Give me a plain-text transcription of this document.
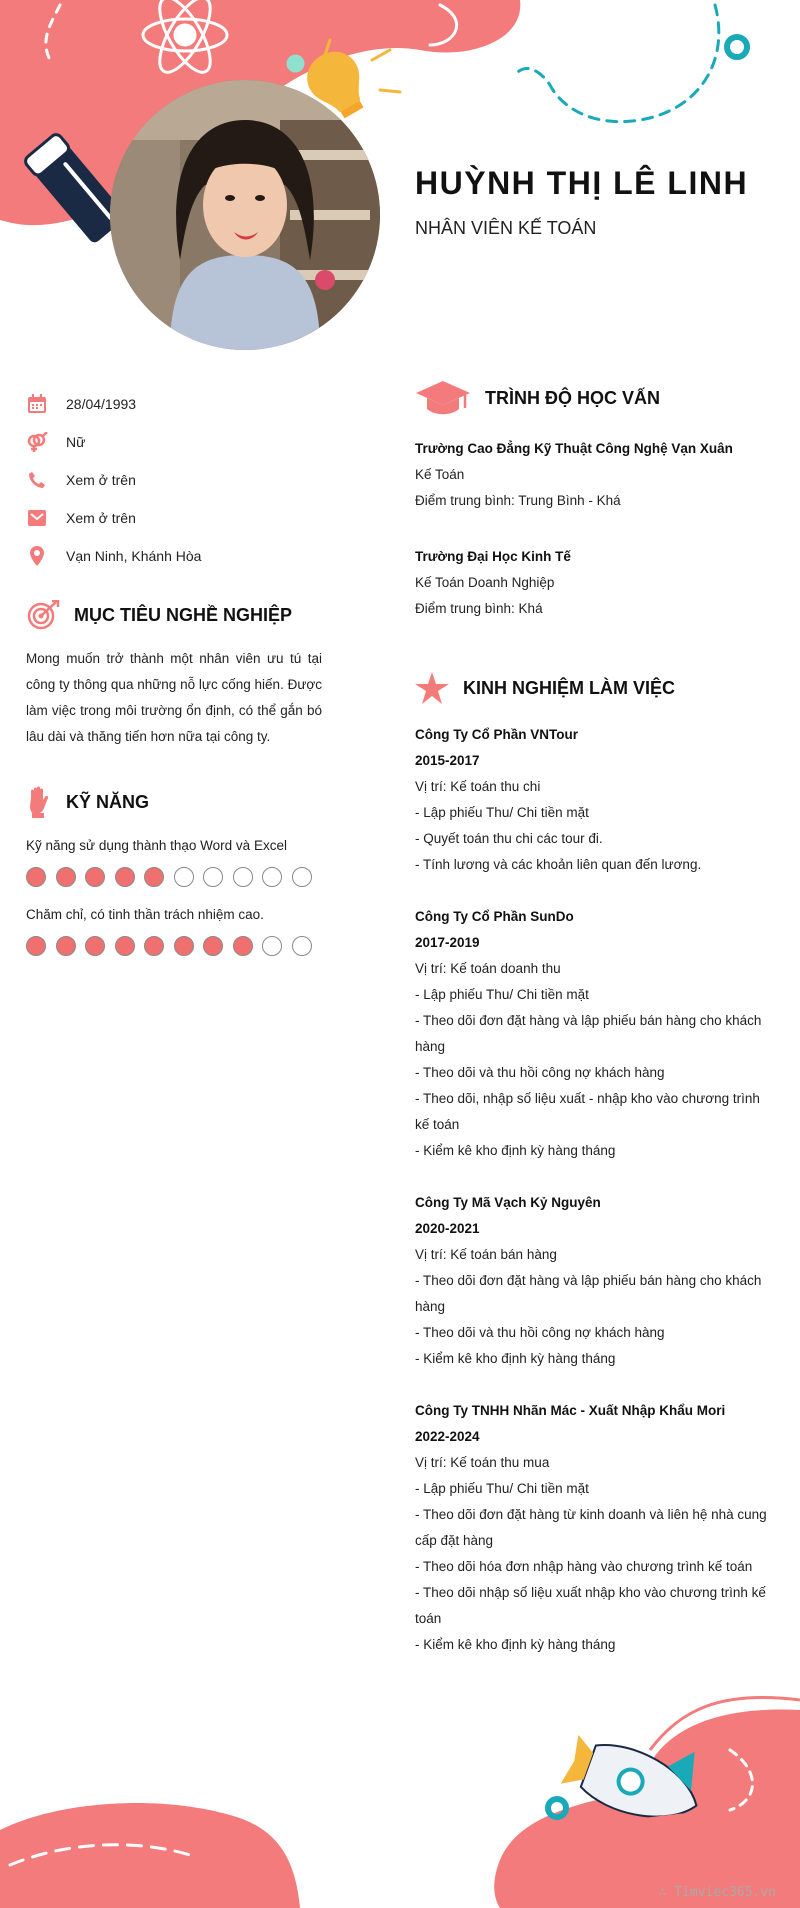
HUỲNH THỊ LÊ LINH
NHÂN VIÊN KẾ TOÁN
28/04/1993
Nữ
Xem ở trên
Xem ở trên
Vạn Ninh, Khánh Hòa
MỤC TIÊU NGHỀ NGHIỆP

Mong muốn trở thành một nhân viên ưu tú tại công ty thông qua những nỗ lực cống hiến. Được làm việc trong môi trường ổn định, có thể gắn bó lâu dài và thăng tiến hơn nữa tại công ty.

KỸ NĂNG
Kỹ năng sử dụng thành thạo Word và Excel
Chăm chỉ, có tinh thần trách nhiệm cao.
TRÌNH ĐỘ HỌC VẤN
Trường Cao Đẳng Kỹ Thuật Công Nghệ Vạn Xuân
Kế Toán
Điểm trung bình: Trung Bình - Khá
Trường Đại Học Kinh Tế
Kế Toán Doanh Nghiệp
Điểm trung bình: Khá
KINH NGHIỆM LÀM VIỆC
Công Ty Cổ Phần VNTour
2015-2017
Vị trí: Kế toán thu chi
- Lập phiếu Thu/ Chi tiền mặt
- Quyết toán thu chi các tour đi.
- Tính lương và các khoản liên quan đến lương.
Công Ty Cổ Phần SunDo
2017-2019
Vị trí: Kế toán doanh thu
- Lập phiếu Thu/ Chi tiền mặt
- Theo dõi đơn đặt hàng và lập phiếu bán hàng cho khách hàng
- Theo dõi và thu hồi công nợ khách hàng
- Theo dõi, nhập số liệu xuất - nhập kho vào chương trình kế toán
- Kiểm kê kho định kỳ hàng tháng
Công Ty Mã Vạch Kỷ Nguyên
2020-2021
Vị trí: Kế toán bán hàng
- Theo dõi đơn đặt hàng và lập phiếu bán hàng cho khách hàng
- Theo dõi và thu hồi công nợ khách hàng
- Kiểm kê kho định kỳ hàng tháng
Công Ty TNHH Nhãn Mác - Xuất Nhập Khẩu Mori
2022-2024
Vị trí: Kế toán thu mua
- Lập phiếu Thu/ Chi tiền mặt
- Theo dõi đơn đặt hàng từ kinh doanh và liên hệ nhà cung cấp đặt hàng
- Theo dõi hóa đơn nhập hàng vào chương trình kế toán
- Theo dõi nhập số liệu xuất nhập kho vào chương trình kế toán
- Kiểm kê kho định kỳ hàng tháng
∴ Timviec365.vn
